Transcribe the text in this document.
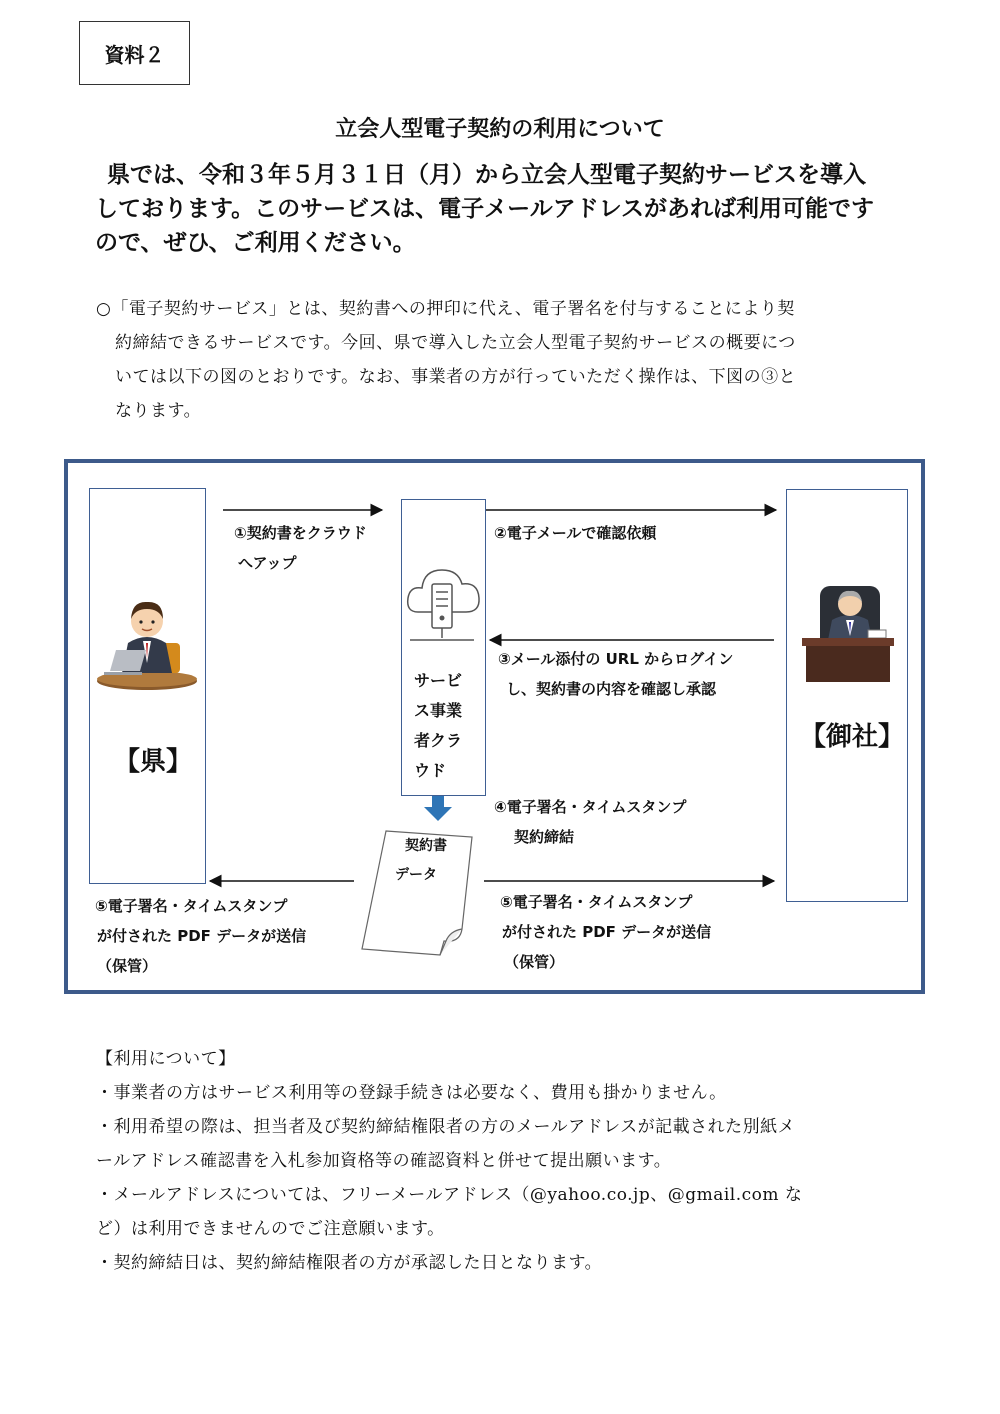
資料２
立会人型電子契約の利用について
県では、令和３年５月３１日（月）から立会人型電子契約サービスを導入
しております。このサービスは、電子メールアドレスがあれば利用可能です
ので、ぜひ、ご利用ください。
○「電子契約サービス」とは、契約書への押印に代え、電子署名を付与することにより契
約締結できるサービスです。今回、県で導入した立会人型電子契約サービスの概要につ
いては以下の図のとおりです。なお、事業者の方が行っていただく操作は、下図の③と
なります。
【県】
サービ
ス事業
者クラ
ウド
【御社】
契約書
データ
①契約書をクラウド
へアップ
②電子メールで確認依頼
③メール添付の URL からログイン
し、契約書の内容を確認し承認
④電子署名・タイムスタンプ
契約締結
⑤電子署名・タイムスタンプ
が付された PDF データが送信
（保管）
⑤電子署名・タイムスタンプ
が付された PDF データが送信
（保管）
【利用について】
・事業者の方はサービス利用等の登録手続きは必要なく、費用も掛かりません。
・利用希望の際は、担当者及び契約締結権限者の方のメールアドレスが記載された別紙メ
ールアドレス確認書を入札参加資格等の確認資料と併せて提出願います。
・メールアドレスについては、フリーメールアドレス（@yahoo.co.jp、@gmail.com な
ど）は利用できませんのでご注意願います。
・契約締結日は、契約締結権限者の方が承認した日となります。
